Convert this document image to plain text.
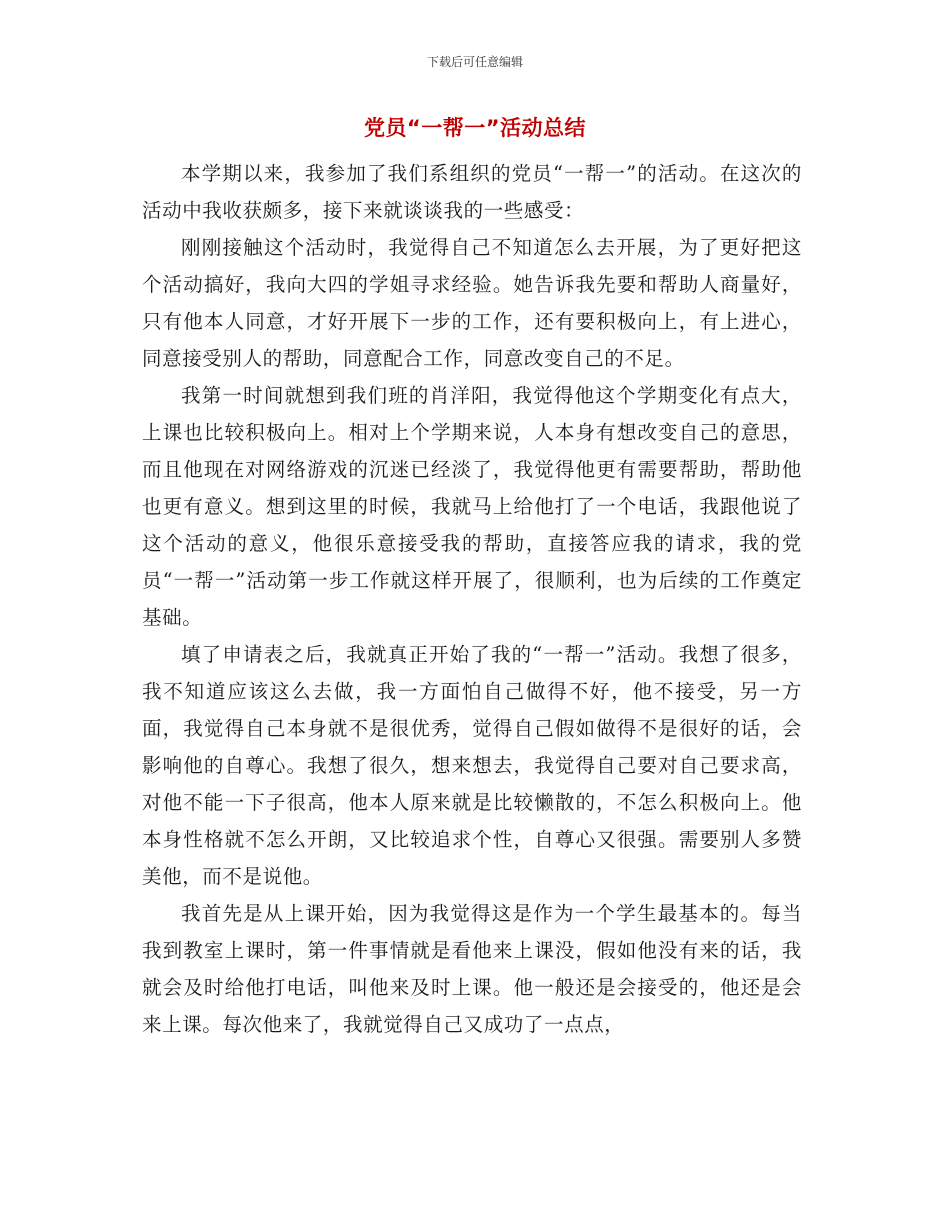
下载后可任意编辑
党员“一帮一”活动总结

本学期以来，我参加了我们系组织的党员“一帮一”的活动。在这次的活动中我收获颇多，接下来就谈谈我的一些感受：

刚刚接触这个活动时，我觉得自己不知道怎么去开展，为了更好把这个活动搞好，我向大四的学姐寻求经验。她告诉我先要和帮助人商量好，只有他本人同意，才好开展下一步的工作，还有要积极向上，有上进心，同意接受别人的帮助，同意配合工作，同意改变自己的不足。

我第一时间就想到我们班的肖洋阳，我觉得他这个学期变化有点大，上课也比较积极向上。相对上个学期来说，人本身有想改变自己的意思，而且他现在对网络游戏的沉迷已经淡了，我觉得他更有需要帮助，帮助他也更有意义。想到这里的时候，我就马上给他打了一个电话，我跟他说了这个活动的意义，他很乐意接受我的帮助，直接答应我的请求，我的党员“一帮一”活动第一步工作就这样开展了，很顺利，也为后续的工作奠定基础。

填了申请表之后，我就真正开始了我的“一帮一”活动。我想了很多，我不知道应该这么去做，我一方面怕自己做得不好，他不接受，另一方面，我觉得自己本身就不是很优秀，觉得自己假如做得不是很好的话，会影响他的自尊心。我想了很久，想来想去，我觉得自己要对自己要求高，对他不能一下子很高，他本人原来就是比较懒散的，不怎么积极向上。他本身性格就不怎么开朗，又比较追求个性，自尊心又很强。需要别人多赞美他，而不是说他。

我首先是从上课开始，因为我觉得这是作为一个学生最基本的。每当我到教室上课时，第一件事情就是看他来上课没，假如他没有来的话，我就会及时给他打电话，叫他来及时上课。他一般还是会接受的，他还是会来上课。每次他来了，我就觉得自己又成功了一点点，
